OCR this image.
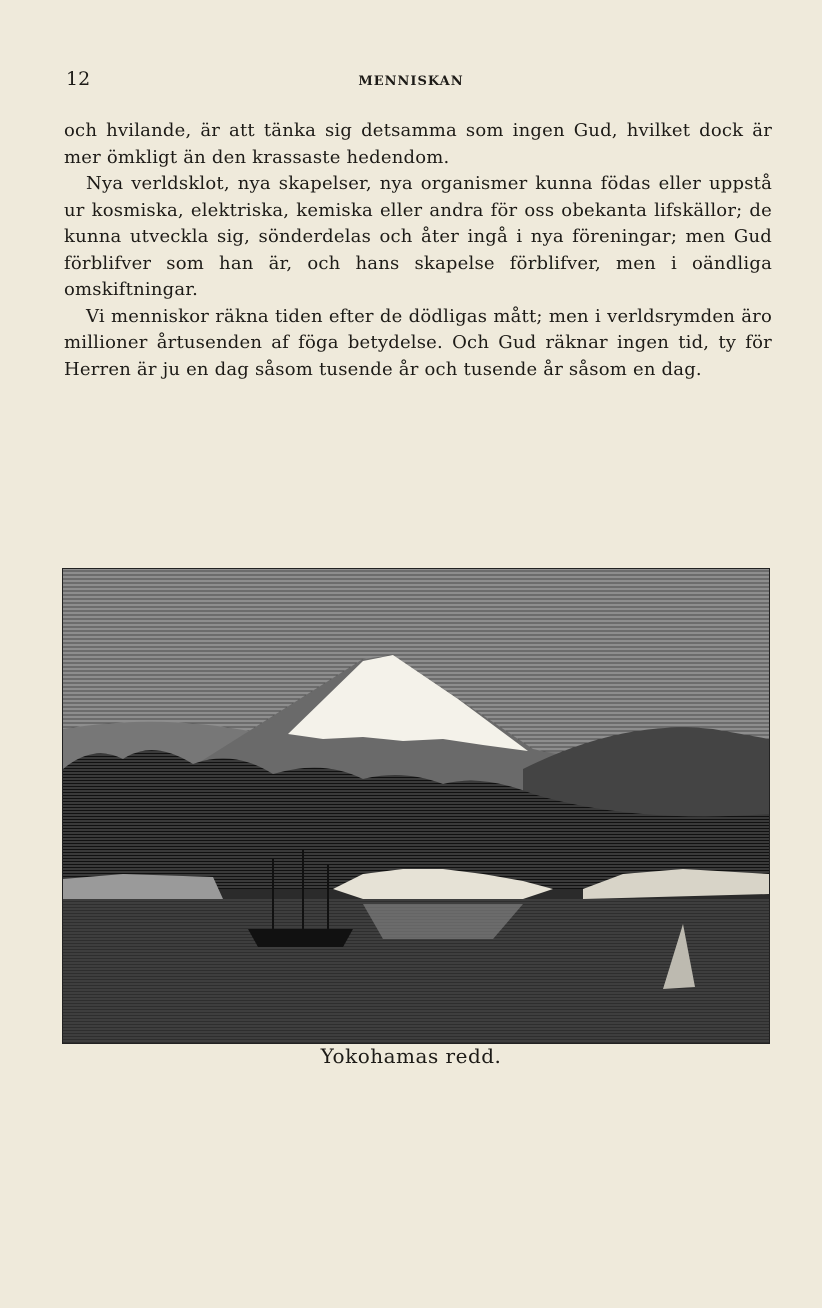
12	MENNISKAN

och hvilande, är att tänka sig detsamma som ingen Gud, hvilket dock är mer ömkligt än den krassaste hedendom.

Nya verldsklot, nya skapelser, nya organismer kunna födas eller uppstå ur kosmiska, elektriska, kemiska eller andra för oss obekanta lifskällor; de kunna utveckla sig, sönderdelas och åter ingå i nya föreningar; men Gud förblifver som han är, och hans skapelse förblifver, men i oändliga omskiftningar.

Vi menniskor räkna tiden efter de dödligas mått; men i verldsrymden äro millioner årtusenden af föga betydelse. Och Gud räknar ingen tid, ty för Herren är ju en dag såsom tusende år och tusende år såsom en dag.

Yokohamas redd.
